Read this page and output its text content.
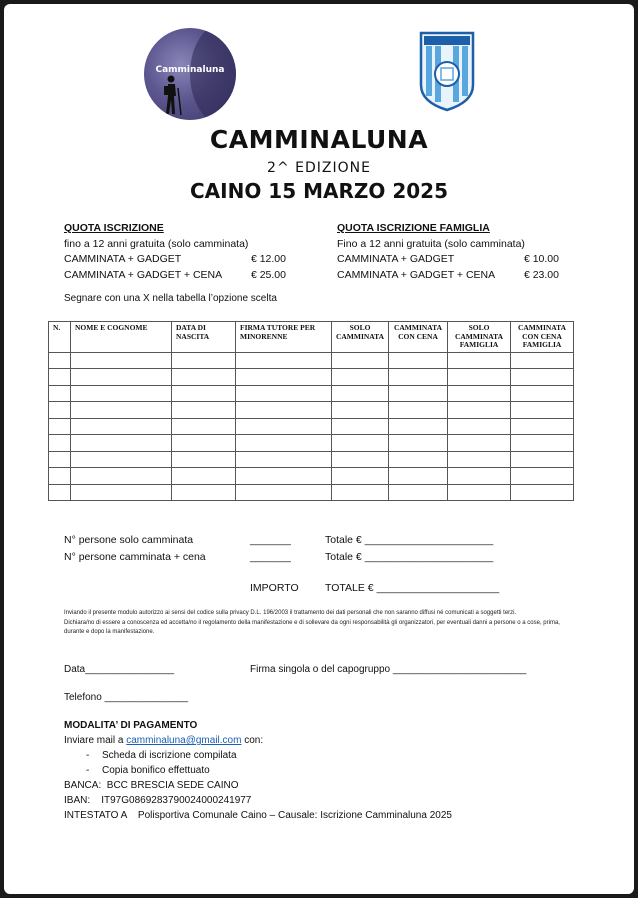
Camminaluna
CAMMINALUNA
2^ EDIZIONE
CAINO 15 MARZO 2025
QUOTA ISCRIZIONE
fino a 12 anni gratuita (solo camminata)
CAMMINATA + GADGET	€ 12.00
CAMMINATA + GADGET + CENA	€ 25.00
QUOTA ISCRIZIONE FAMIGLIA
Fino a 12 anni gratuita (solo camminata)
CAMMINATA + GADGET	€ 10.00
CAMMINATA + GADGET + CENA	€ 23.00
Segnare con una X nella tabella l’opzione scelta
N.	NOME E COGNOME	DATA DI NASCITA	FIRMA TUTORE PER MINORENNE	SOLO CAMMINATA	CAMMINATA CON CENA	SOLO CAMMINATA FAMIGLIA	CAMMINATA CON CENA FAMIGLIA

N° persone solo camminata	_______	Totale € ______________________
N° persone camminata + cena	_______	Totale € ______________________
IMPORTO	TOTALE € _____________________
Inviando il presente modulo autorizzo ai sensi del codice sulla privacy D.L. 196/2003 il trattamento dei dati personali che non saranno diffusi né comunicati a soggetti terzi.
Dichiara/no di essere a conoscenza ed accetta/no il regolamento della manifestazione e di sollevare da ogni responsabilità gli organizzatori, per eventuali danni a persone o a cose, prima, durante e dopo la manifestazione.
Data________________	Firma singola o del capogruppo ________________________
Telefono _______________
MODALITA’ DI PAGAMENTO
Inviare mail a camminaluna@gmail.com con:
- Scheda di iscrizione compilata
- Copia bonifico effettuato
BANCA:  BCC BRESCIA SEDE CAINO
IBAN:    IT97G0869283790024000241977
INTESTATO A    Polisportiva Comunale Caino – Causale: Iscrizione Camminaluna 2025
